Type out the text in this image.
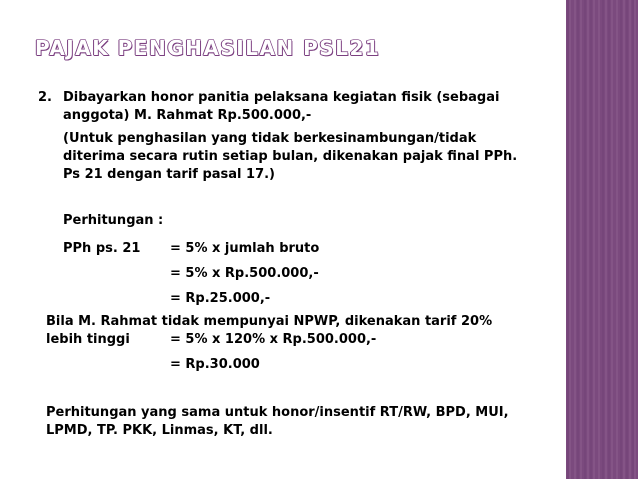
PAJAK PENGHASILAN PSL21
2. Dibayarkan honor panitia pelaksana kegiatan fisik (sebagai
anggota) M. Rahmat Rp.500.000,-
(Untuk penghasilan yang tidak berkesinambungan/tidak
diterima secara rutin setiap bulan, dikenakan pajak final PPh.
Ps 21 dengan tarif pasal 17.)
Perhitungan :
PPh ps. 21 = 5% x jumlah bruto
= 5% x Rp.500.000,-
= Rp.25.000,-
Bila M. Rahmat tidak mempunyai NPWP, dikenakan tarif 20%
lebih tinggi	= 5% x 120% x Rp.500.000,-
= Rp.30.000
Perhitungan yang sama untuk honor/insentif RT/RW, BPD, MUI,
LPMD, TP. PKK, Linmas, KT, dll.
